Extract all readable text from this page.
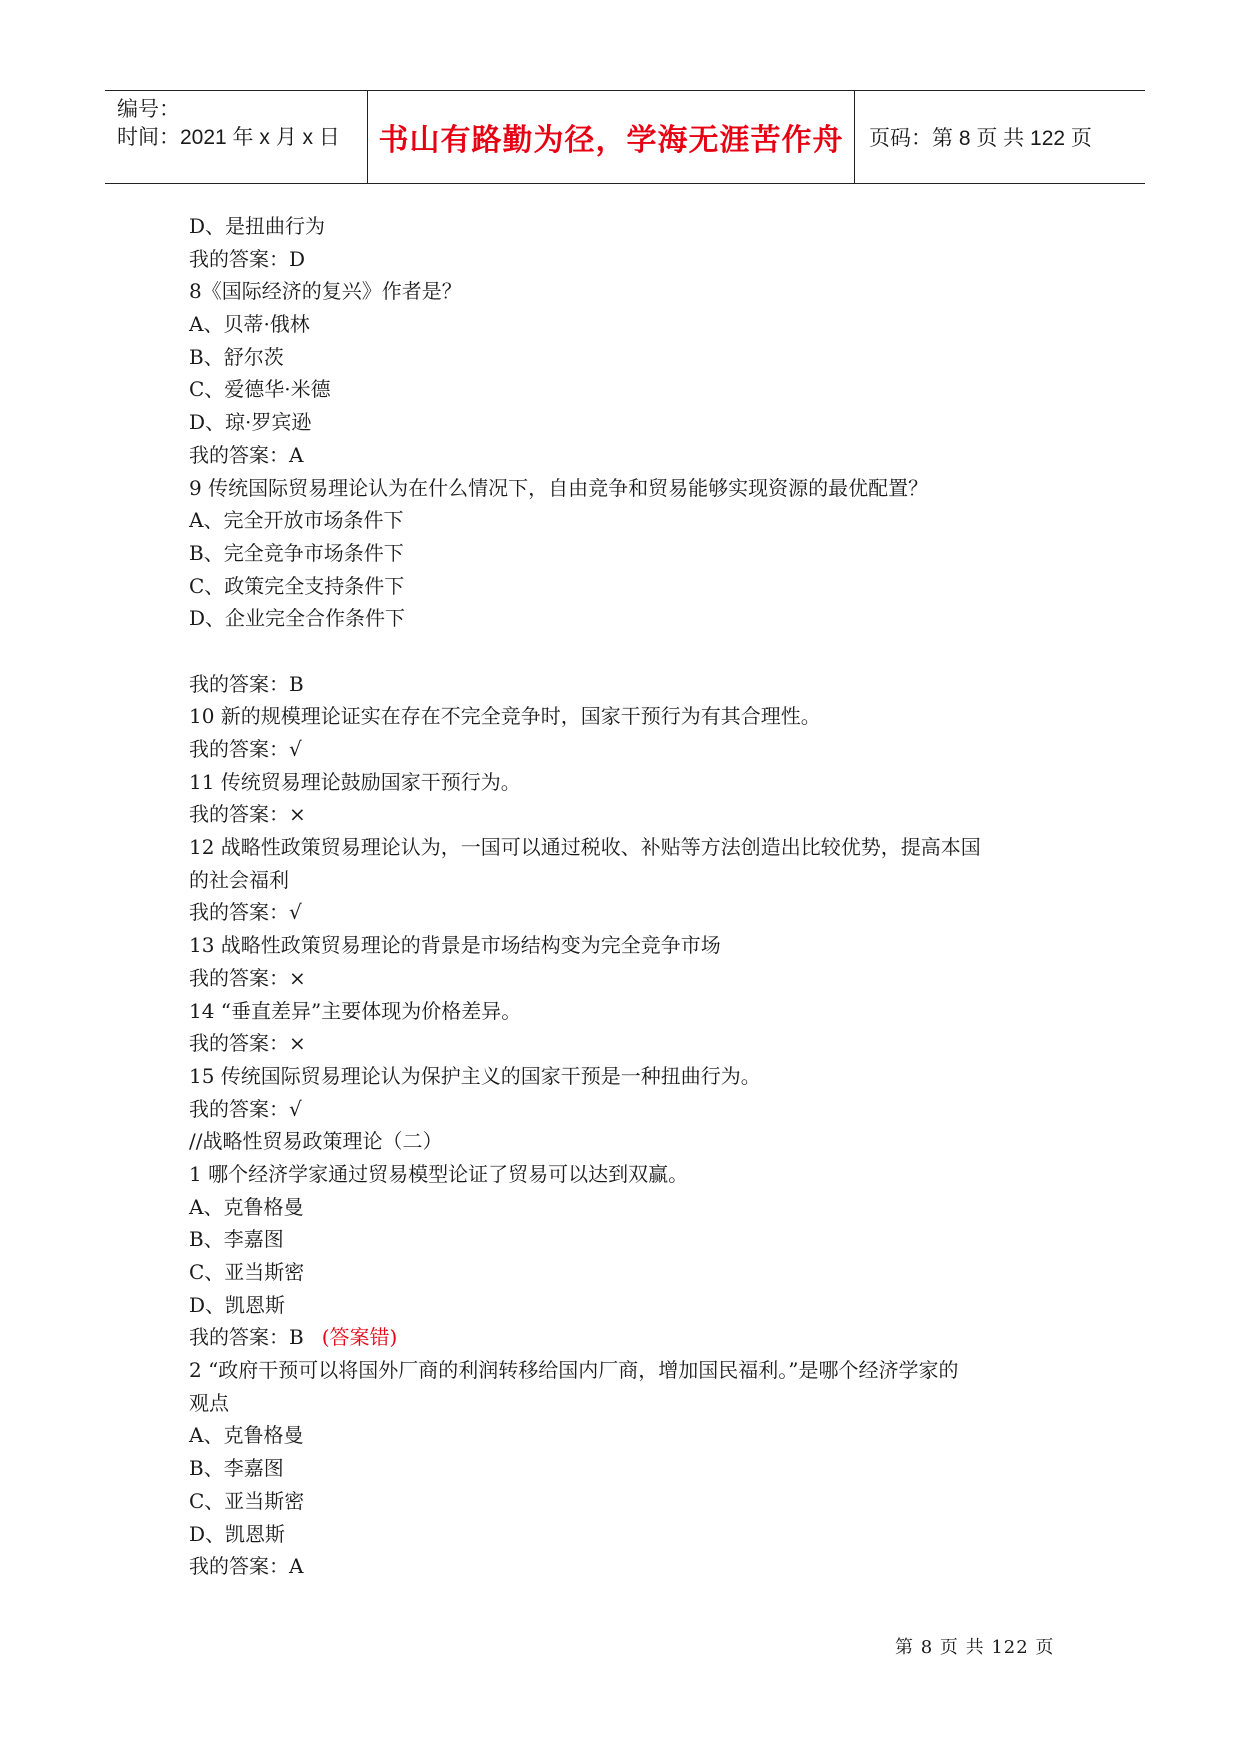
编号：
时间：2021 年 x 月 x 日 书山有路勤为径，学海无涯苦作舟 页码：第 8 页 共 122 页
D、是扭曲行为
我的答案：D
8《国际经济的复兴》作者是？
A、贝蒂·俄林
B、舒尔茨
C、爱德华·米德
D、琼·罗宾逊
我的答案：A
9 传统国际贸易理论认为在什么情况下，自由竞争和贸易能够实现资源的最优配置？
A、完全开放市场条件下
B、完全竞争市场条件下
C、政策完全支持条件下
D、企业完全合作条件下
我的答案：B
10 新的规模理论证实在存在不完全竞争时，国家干预行为有其合理性。
我的答案：√
11 传统贸易理论鼓励国家干预行为。
我的答案：×
12 战略性政策贸易理论认为，一国可以通过税收、补贴等方法创造出比较优势，提高本国
的社会福利
我的答案：√
13 战略性政策贸易理论的背景是市场结构变为完全竞争市场
我的答案：×
14 “垂直差异”主要体现为价格差异。
我的答案：×
15 传统国际贸易理论认为保护主义的国家干预是一种扭曲行为。
我的答案：√
//战略性贸易政策理论（二）
1 哪个经济学家通过贸易模型论证了贸易可以达到双赢。
A、克鲁格曼
B、李嘉图
C、亚当斯密
D、凯恩斯
我的答案：B (答案错)
2 “政府干预可以将国外厂商的利润转移给国内厂商，增加国民福利。”是哪个经济学家的
观点
A、克鲁格曼
B、李嘉图
C、亚当斯密
D、凯恩斯
我的答案：A
第 8 页 共 122 页
